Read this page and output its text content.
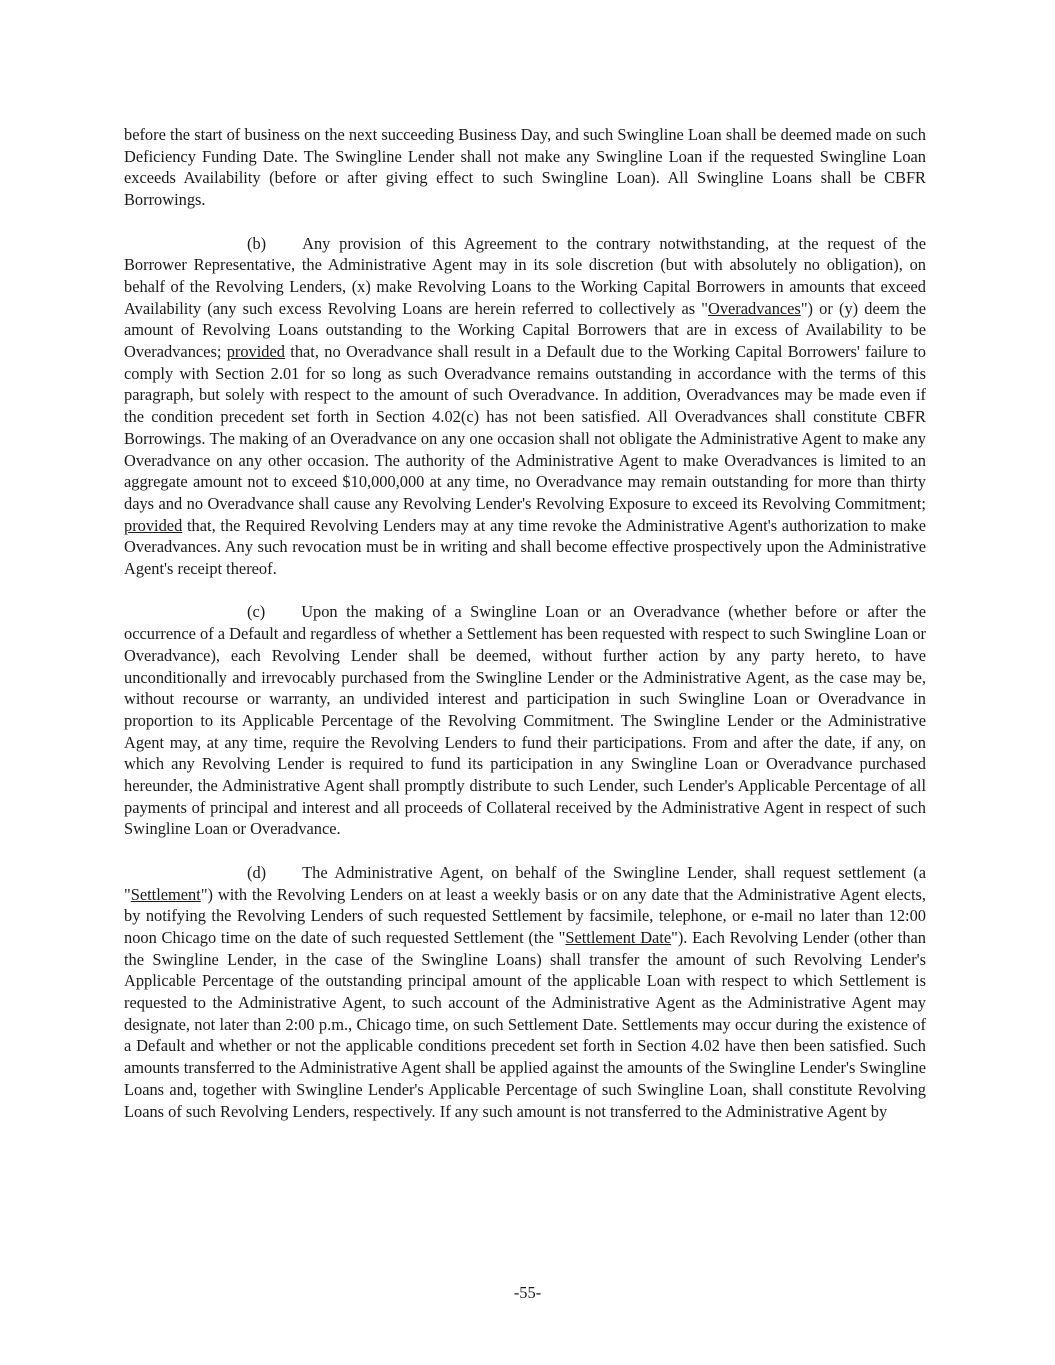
before the start of business on the next succeeding Business Day, and such Swingline Loan shall be deemed made on such Deficiency Funding Date. The Swingline Lender shall not make any Swingline Loan if the requested Swingline Loan exceeds Availability (before or after giving effect to such Swingline Loan). All Swingline Loans shall be CBFR Borrowings.

(b) Any provision of this Agreement to the contrary notwithstanding, at the request of the Borrower Representative, the Administrative Agent may in its sole discretion (but with absolutely no obligation), on behalf of the Revolving Lenders, (x) make Revolving Loans to the Working Capital Borrowers in amounts that exceed Availability (any such excess Revolving Loans are herein referred to collectively as "Overadvances") or (y) deem the amount of Revolving Loans outstanding to the Working Capital Borrowers that are in excess of Availability to be Overadvances; provided that, no Overadvance shall result in a Default due to the Working Capital Borrowers' failure to comply with Section 2.01 for so long as such Overadvance remains outstanding in accordance with the terms of this paragraph, but solely with respect to the amount of such Overadvance. In addition, Overadvances may be made even if the condition precedent set forth in Section 4.02(c) has not been satisfied. All Overadvances shall constitute CBFR Borrowings. The making of an Overadvance on any one occasion shall not obligate the Administrative Agent to make any Overadvance on any other occasion. The authority of the Administrative Agent to make Overadvances is limited to an aggregate amount not to exceed $10,000,000 at any time, no Overadvance may remain outstanding for more than thirty days and no Overadvance shall cause any Revolving Lender's Revolving Exposure to exceed its Revolving Commitment; provided that, the Required Revolving Lenders may at any time revoke the Administrative Agent's authorization to make Overadvances. Any such revocation must be in writing and shall become effective prospectively upon the Administrative Agent's receipt thereof.

(c) Upon the making of a Swingline Loan or an Overadvance (whether before or after the occurrence of a Default and regardless of whether a Settlement has been requested with respect to such Swingline Loan or Overadvance), each Revolving Lender shall be deemed, without further action by any party hereto, to have unconditionally and irrevocably purchased from the Swingline Lender or the Administrative Agent, as the case may be, without recourse or warranty, an undivided interest and participation in such Swingline Loan or Overadvance in proportion to its Applicable Percentage of the Revolving Commitment. The Swingline Lender or the Administrative Agent may, at any time, require the Revolving Lenders to fund their participations. From and after the date, if any, on which any Revolving Lender is required to fund its participation in any Swingline Loan or Overadvance purchased hereunder, the Administrative Agent shall promptly distribute to such Lender, such Lender's Applicable Percentage of all payments of principal and interest and all proceeds of Collateral received by the Administrative Agent in respect of such Swingline Loan or Overadvance.

(d) The Administrative Agent, on behalf of the Swingline Lender, shall request settlement (a "Settlement") with the Revolving Lenders on at least a weekly basis or on any date that the Administrative Agent elects, by notifying the Revolving Lenders of such requested Settlement by facsimile, telephone, or e-mail no later than 12:00 noon Chicago time on the date of such requested Settlement (the "Settlement Date"). Each Revolving Lender (other than the Swingline Lender, in the case of the Swingline Loans) shall transfer the amount of such Revolving Lender's Applicable Percentage of the outstanding principal amount of the applicable Loan with respect to which Settlement is requested to the Administrative Agent, to such account of the Administrative Agent as the Administrative Agent may designate, not later than 2:00 p.m., Chicago time, on such Settlement Date. Settlements may occur during the existence of a Default and whether or not the applicable conditions precedent set forth in Section 4.02 have then been satisfied. Such amounts transferred to the Administrative Agent shall be applied against the amounts of the Swingline Lender's Swingline Loans and, together with Swingline Lender's Applicable Percentage of such Swingline Loan, shall constitute Revolving Loans of such Revolving Lenders, respectively. If any such amount is not transferred to the Administrative Agent by

-55-
